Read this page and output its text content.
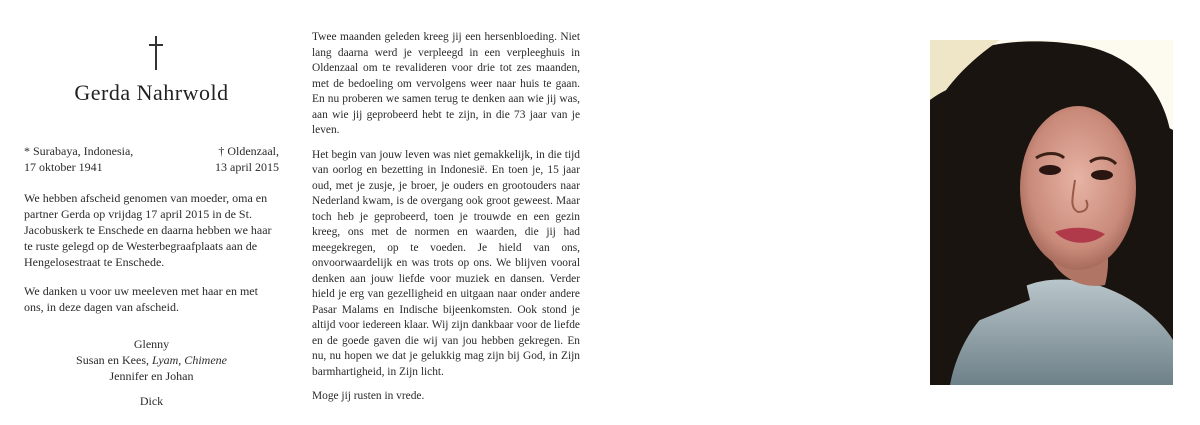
Gerda Nahrwold
* Surabaya, Indonesia,
17 oktober 1941
† Oldenzaal,
13 april 2015
We hebben afscheid genomen van moeder, oma en partner Gerda op vrijdag 17 april 2015 in de St. Jacobuskerk te Enschede en daarna hebben we haar te ruste gelegd op de Westerbegraafplaats aan de Hengelosestraat te Enschede.
We danken u voor uw meeleven met haar en met ons, in deze dagen van afscheid.
Glenny
Susan en Kees, Lyam, Chimene
Jennifer en Johan
Dick

Twee maanden geleden kreeg jij een hersenbloeding. Niet lang daarna werd je verpleegd in een verpleeghuis in Oldenzaal om te revalideren voor drie tot zes maanden, met de bedoeling om vervolgens weer naar huis te gaan. En nu proberen we samen terug te denken aan wie jij was, aan wie jij geprobeerd hebt te zijn, in die 73 jaar van je leven.

Het begin van jouw leven was niet gemakkelijk, in die tijd van oorlog en bezetting in Indonesië. En toen je, 15 jaar oud, met je zusje, je broer, je ouders en grootouders naar Nederland kwam, is de overgang ook groot geweest. Maar toch heb je geprobeerd, toen je trouwde en een gezin kreeg, ons met de normen en waarden, die jij had meegekregen, op te voeden. Je hield van ons, onvoorwaardelijk en was trots op ons. We blijven vooral denken aan jouw liefde voor muziek en dansen. Verder hield je erg van gezelligheid en uitgaan naar onder andere Pasar Malams en Indische bijeenkomsten. Ook stond je altijd voor iedereen klaar. Wij zijn dankbaar voor de liefde en de goede gaven die wij van jou hebben gekregen. En nu, nu hopen we dat je gelukkig mag zijn bij God, in Zijn barmhartigheid, in Zijn licht.

Moge jij rusten in vrede.
